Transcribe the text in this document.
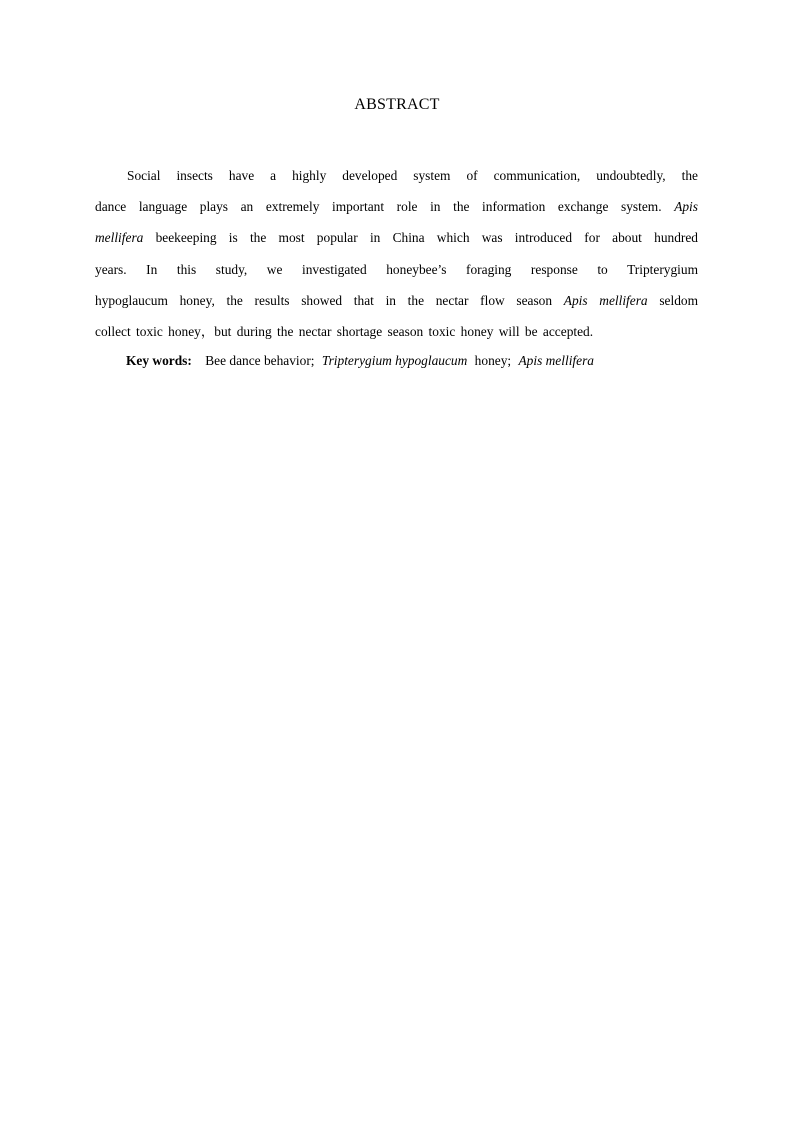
ABSTRACT
Social insects have a highly developed system of communication, undoubtedly, the
dance language plays an extremely important role in the information exchange system. Apis
mellifera beekeeping is the most popular in China which was introduced for about hundred
years. In this study, we investigated honeybee’s foraging response to Tripterygium
hypoglaucum honey, the results showed that in the nectar flow season Apis mellifera seldom
collect toxic honey，but during the nectar shortage season toxic honey will be accepted.
Key words: Bee dance behavior; Tripterygium hypoglaucum honey; Apis mellifera
